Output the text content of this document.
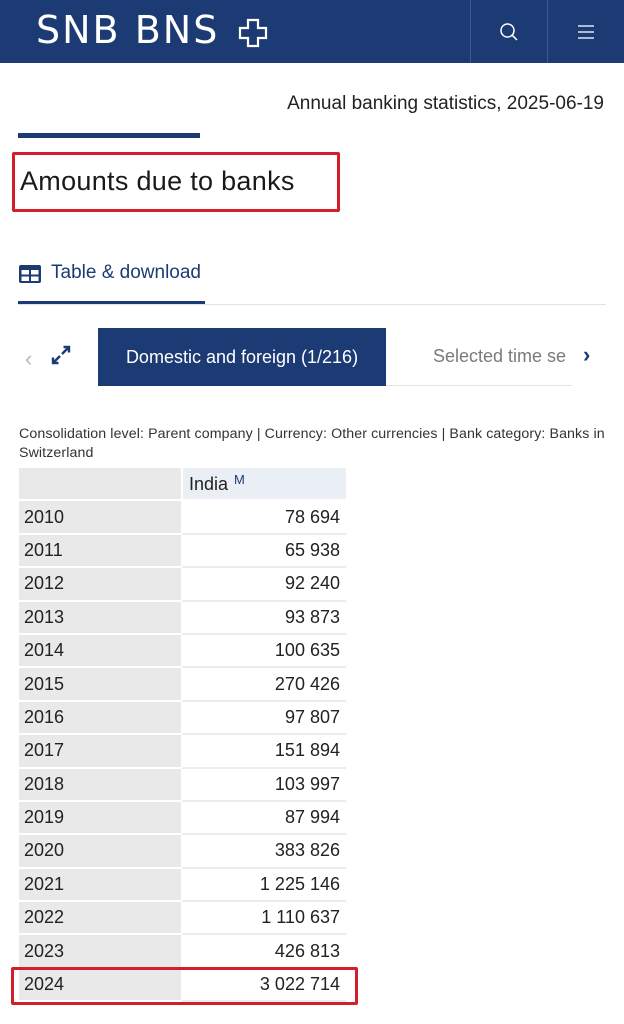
SNB BNS
Annual banking statistics, 2025-06-19
Amounts due to banks
Table & download
‹	Domestic and foreign (1/216)	Selected time se ›
Consolidation level: Parent company | Currency: Other currencies | Bank category: Banks in Switzerland
	India $^M$
2010	78 694
2011	65 938
2012	92 240
2013	93 873
2014	100 635
2015	270 426
2016	97 807
2017	151 894
2018	103 997
2019	87 994
2020	383 826
2021	1 225 146
2022	1 110 637
2023	426 813
2024	3 022 714
